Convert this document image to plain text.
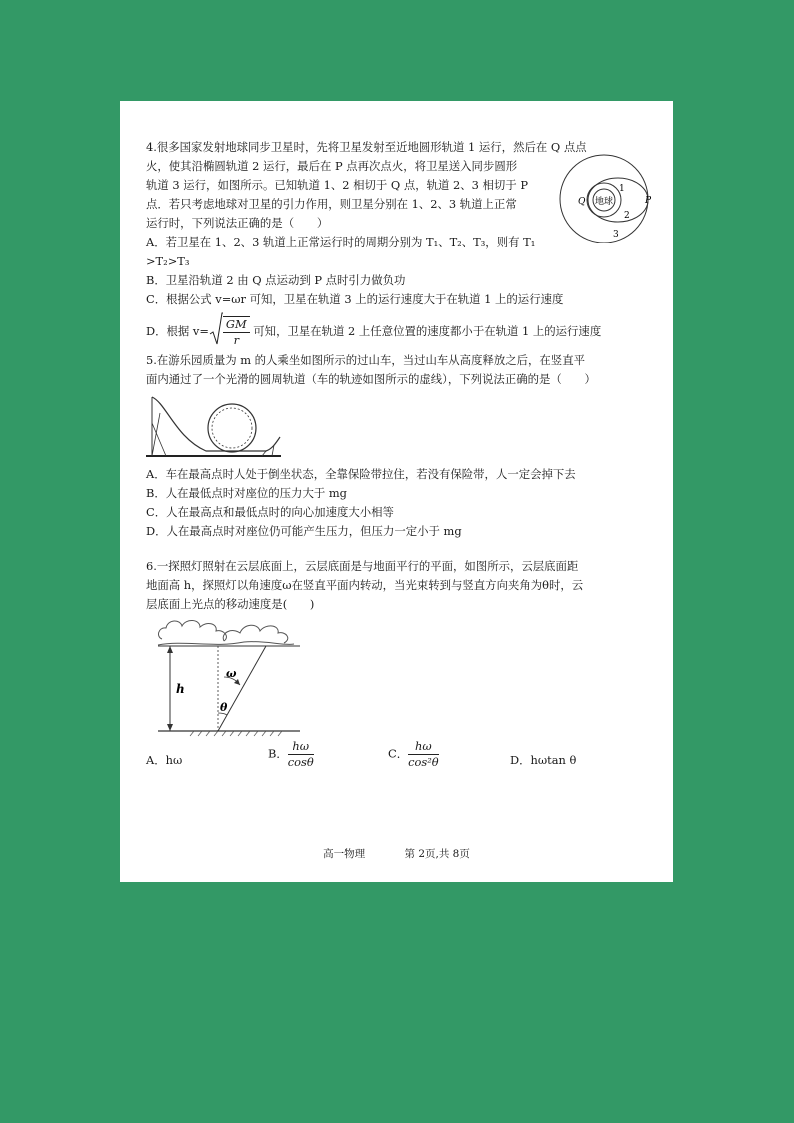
4.很多国家发射地球同步卫星时，先将卫星发射至近地圆形轨道 1 运行，然后在 Q 点点
火，使其沿椭圆轨道 2 运行，最后在 P 点再次点火，将卫星送入同步圆形
轨道 3 运行，如图所示。已知轨道 1、2 相切于 Q 点，轨道 2、3 相切于 P
点．若只考虑地球对卫星的引力作用，则卫星分别在 1、2、3 轨道上正常
运行时，下列说法正确的是（　　）
A．若卫星在 1、2、3 轨道上正常运行时的周期分别为 T₁、T₂、T₃，则有 T₁
>T₂>T₃
B．卫星沿轨道 2 由 Q 点运动到 P 点时引力做负功
C．根据公式 v=ωr 可知，卫星在轨道 3 上的运行速度大于在轨道 1 上的运行速度
D．根据 $v= \frac{GM}{r}$ 可知，卫星在轨道 2 上任意位置的速度都小于在轨道 1 上的运行速度
地球
Q	P
1
2
3
5.在游乐园质量为 m 的人乘坐如图所示的过山车，当过山车从高度释放之后，在竖直平
面内通过了一个光滑的圆周轨道（车的轨迹如图所示的虚线），下列说法正确的是（　　）
A．车在最高点时人处于倒坐状态，全靠保险带拉住，若没有保险带，人一定会掉下去
B．人在最低点时对座位的压力大于 mg
C．人在最高点和最低点时的向心加速度大小相等
D．人在最高点时对座位仍可能产生压力，但压力一定小于 mg
6.一探照灯照射在云层底面上，云层底面是与地面平行的平面，如图所示，云层底面距
地面高 h，探照灯以角速度ω在竖直平面内转动，当光束转到与竖直方向夹角为θ时，云
层底面上光点的移动速度是(　　)
h
ω
θ
A．hω	B． $\frac{h\omega}{\cos\theta}$	C． $\frac{h\omega}{\text{cos²θ}}$	D．hωtan θ
高一物理	第 2页,共 8页
